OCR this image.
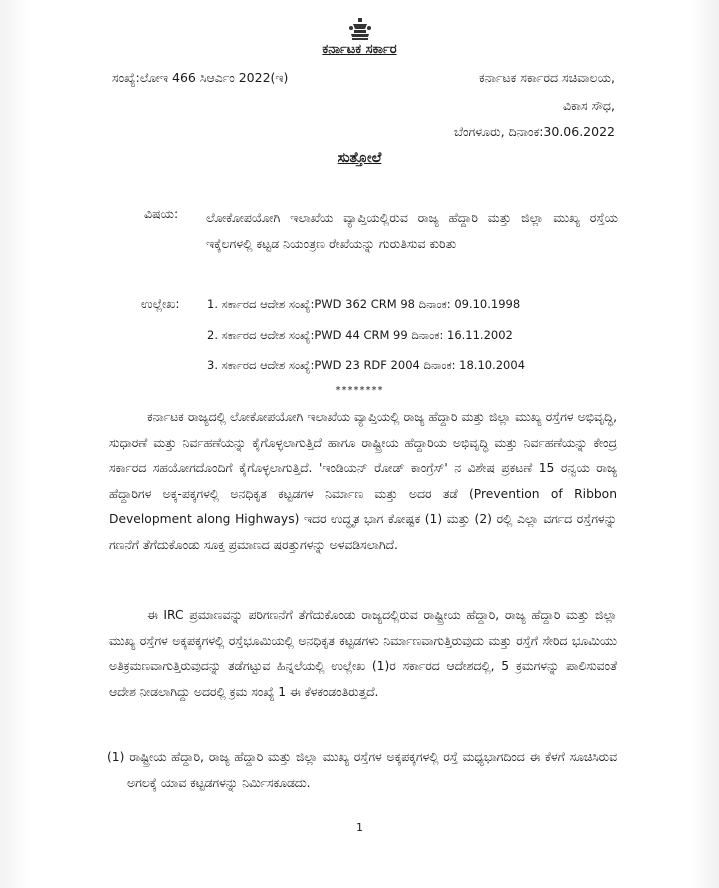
ಕರ್ನಾಟಕ ಸರ್ಕಾರ
ಸಂಖ್ಯೆ:ಲೋಇ 466 ಸಿಆರ್ಎಂ 2022(ಇ)	ಕರ್ನಾಟಕ ಸರ್ಕಾರದ ಸಚಿವಾಲಯ,
ವಿಕಾಸ ಸೌಧ,
ಬೆಂಗಳೂರು, ದಿನಾಂಕ:30.06.2022
ಸುತ್ತೋಲೆ
ವಿಷಯ: ಲೋಕೋಪಯೋಗಿ ಇಲಾಖೆಯ ವ್ಯಾಪ್ತಿಯಲ್ಲಿರುವ ರಾಜ್ಯ ಹೆದ್ದಾರಿ ಮತ್ತು ಜಿಲ್ಲಾ ಮುಖ್ಯ ರಸ್ತೆಯ ಇಕ್ಕೆಲಗಳಲ್ಲಿ ಕಟ್ಟಡ ನಿಯಂತ್ರಣ ರೇಖೆಯನ್ನು ಗುರುತಿಸುವ ಕುರಿತು
ಉಲ್ಲೇಖ: 1. ಸರ್ಕಾರದ ಆದೇಶ ಸಂಖ್ಯೆ:PWD 362 CRM 98 ದಿನಾಂಕ: 09.10.1998
2. ಸರ್ಕಾರದ ಆದೇಶ ಸಂಖ್ಯೆ:PWD 44 CRM 99 ದಿನಾಂಕ: 16.11.2002
3. ಸರ್ಕಾರದ ಆದೇಶ ಸಂಖ್ಯೆ:PWD 23 RDF 2004 ದಿನಾಂಕ: 18.10.2004
********
ಕರ್ನಾಟಕ ರಾಜ್ಯದಲ್ಲಿ ಲೋಕೋಪಯೋಗಿ ಇಲಾಖೆಯ ವ್ಯಾಪ್ತಿಯಲ್ಲಿ ರಾಜ್ಯ ಹೆದ್ದಾರಿ ಮತ್ತು ಜಿಲ್ಲಾ ಮುಖ್ಯ ರಸ್ತೆಗಳ ಅಭಿವೃದ್ಧಿ, ಸುಧಾರಣೆ ಮತ್ತು ನಿರ್ವಹಣೆಯನ್ನು ಕೈಗೊಳ್ಳಲಾಗುತ್ತಿದೆ ಹಾಗೂ ರಾಷ್ಟ್ರೀಯ ಹೆದ್ದಾರಿಯ ಅಭಿವೃದ್ಧಿ ಮತ್ತು ನಿರ್ವಹಣೆಯನ್ನು ಕೇಂದ್ರ ಸರ್ಕಾರದ ಸಹಯೋಗದೊಂದಿಗೆ ಕೈಗೊಳ್ಳಲಾಗುತ್ತಿದೆ. 'ಇಂಡಿಯನ್ ರೋಡ್ ಕಾಂಗ್ರೆಸ್' ನ ವಿಶೇಷ ಪ್ರಕಟಣೆ 15 ರನ್ವಯ ರಾಜ್ಯ ಹೆದ್ದಾರಿಗಳ ಅಕ್ಕ-ಪಕ್ಕಗಳಲ್ಲಿ ಅನಧಿಕೃತ ಕಟ್ಟಡಗಳ ನಿರ್ಮಾಣ ಮತ್ತು ಅದರ ತಡೆ (Prevention of Ribbon Development along Highways) ಇದರ ಉದ್ಧೃತ ಭಾಗ ಕೋಷ್ಟಕ (1) ಮತ್ತು (2) ರಲ್ಲಿ ಎಲ್ಲಾ ವರ್ಗದ ರಸ್ತೆಗಳನ್ನು ಗಣನೆಗೆ ತೆಗೆದುಕೊಂಡು ಸೂಕ್ತ ಪ್ರಮಾಣದ ಷರತ್ತುಗಳನ್ನು ಅಳವಡಿಸಲಾಗಿದೆ.
ಈ IRC ಪ್ರಮಾಣವನ್ನು ಪರಿಗಣನೆಗೆ ತೆಗೆದುಕೊಂಡು ರಾಜ್ಯದಲ್ಲಿರುವ ರಾಷ್ಟ್ರೀಯ ಹೆದ್ದಾರಿ, ರಾಜ್ಯ ಹೆದ್ದಾರಿ ಮತ್ತು ಜಿಲ್ಲಾ ಮುಖ್ಯ ರಸ್ತೆಗಳ ಅಕ್ಕಪಕ್ಕಗಳಲ್ಲಿ ರಸ್ತೆಭೂಮಿಯಲ್ಲಿ ಅನಧಿಕೃತ ಕಟ್ಟಡಗಳು ನಿರ್ಮಾಣವಾಗುತ್ತಿರುವುದು ಮತ್ತು ರಸ್ತೆಗೆ ಸೇರಿದ ಭೂಮಿಯು ಅತಿಕ್ರಮಣವಾಗುತ್ತಿರುವುದನ್ನು ತಡೆಗಟ್ಟುವ ಹಿನ್ನಲೆಯಲ್ಲಿ ಉಲ್ಲೇಖ (1)ರ ಸರ್ಕಾರದ ಆದೇಶದಲ್ಲಿ, 5 ಕ್ರಮಗಳನ್ನು ಪಾಲಿಸುವಂತೆ ಆದೇಶ ನೀಡಲಾಗಿದ್ದು ಅದರಲ್ಲಿ ಕ್ರಮ ಸಂಖ್ಯೆ 1 ಈ ಕೆಳಕಂಡಂತಿರುತ್ತದೆ.
(1) ರಾಷ್ಟ್ರೀಯ ಹೆದ್ದಾರಿ, ರಾಜ್ಯ ಹೆದ್ದಾರಿ ಮತ್ತು ಜಿಲ್ಲಾ ಮುಖ್ಯ ರಸ್ತೆಗಳ ಅಕ್ಕಪಕ್ಕಗಳಲ್ಲಿ ರಸ್ತೆ ಮಧ್ಯಭಾಗದಿಂದ ಈ ಕೆಳಗೆ ಸೂಚಿಸಿರುವ ಅಗಲಕ್ಕೆ ಯಾವ ಕಟ್ಟಡಗಳನ್ನು ನಿರ್ಮಿಸಕೂಡದು.
1
